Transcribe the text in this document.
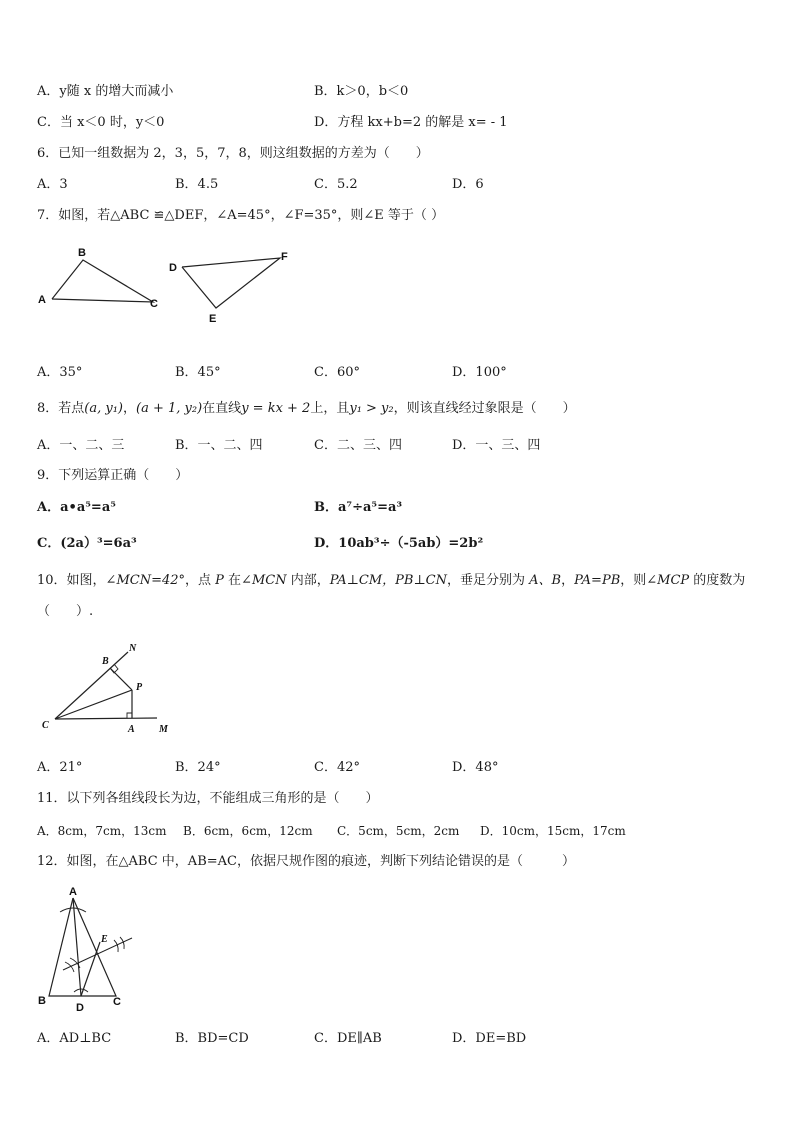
A．y随 x 的增大而减小	B．k＞0，b＜0
C．当 x＜0 时，y＜0	D．方程 kx+b=2 的解是 x= - 1
6．已知一组数据为 2，3，5，7，8，则这组数据的方差为（　　）
A．3	B．4.5	C．5.2	D．6
7．如图，若△ABC ≌△DEF，∠A=45°，∠F=35°，则∠E 等于（ ）
A
B
C
D
F
E
A．35°	B．45°	C．60°	D．100°
8．若点(a, y₁)，(a + 1, y₂)在直线y = kx + 2上，且y₁ > y₂，则该直线经过象限是（　　）
A．一、二、三	B．一、二、四	C．二、三、四	D．一、三、四
9．下列运算正确（　　）
A．a•a⁵=a⁵	B．a⁷÷a⁵=a³
C．(2a）³=6a³	D．10ab³÷（-5ab）=2b²
10．如图，∠MCN=42°，点 P 在∠MCN 内部，PA⊥CM，PB⊥CN，垂足分别为 A、B，PA=PB，则∠MCP 的度数为
（　　）.
N
B
P
C	A M
A．21°	B．24°	C．42°	D．48°
11．以下列各组线段长为边，不能组成三角形的是（　　）
A．8cm，7cm，13cm B．6cm，6cm，12cm C．5cm，5cm，2cm D．10cm，15cm，17cm
12．如图，在△ABC 中，AB=AC，依据尺规作图的痕迹，判断下列结论错误的是（　　　）
A
E
B
D	C
A．AD⊥BC	B．BD=CD	C．DE∥AB	D．DE=BD
